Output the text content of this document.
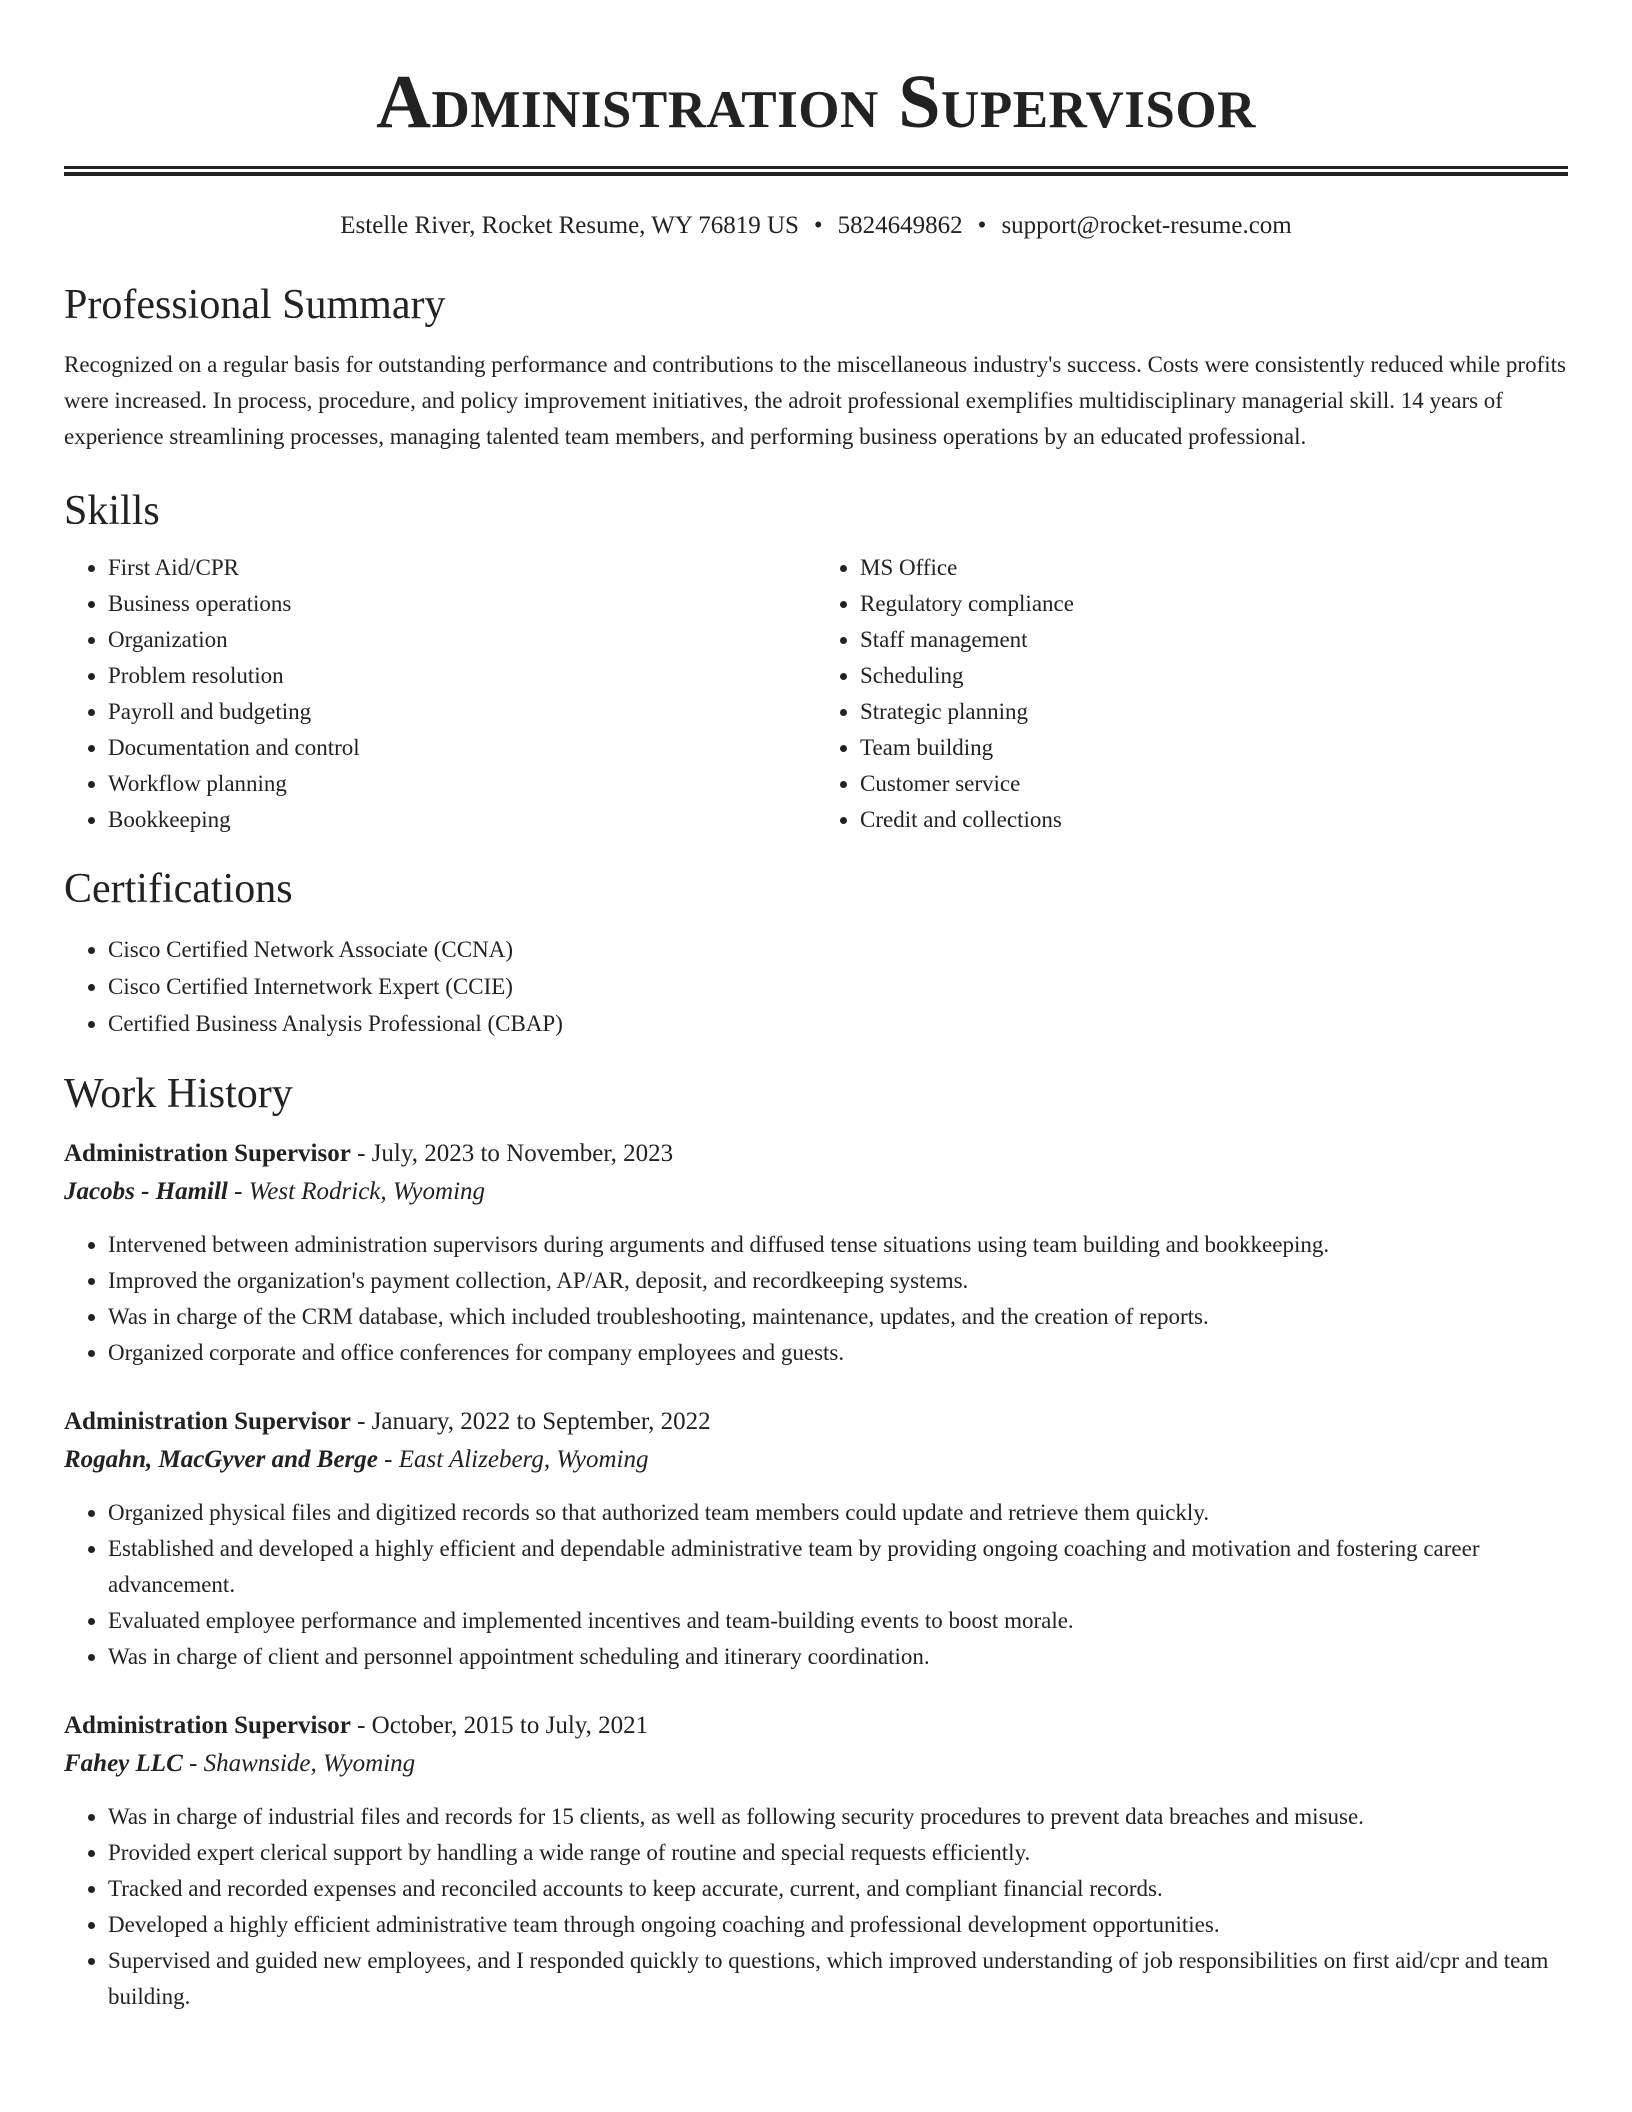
Administration Supervisor
Estelle River, Rocket Resume, WY 76819 US • 5824649862 • support@rocket-resume.com
Professional Summary

Recognized on a regular basis for outstanding performance and contributions to the miscellaneous industry's success. Costs were consistently reduced while profits were increased. In process, procedure, and policy improvement initiatives, the adroit professional exemplifies multidisciplinary managerial skill. 14 years of experience streamlining processes, managing talented team members, and performing business operations by an educated professional.

Skills
• First Aid/CPR
• Business operations
• Organization
• Problem resolution
• Payroll and budgeting
• Documentation and control
• Workflow planning
• Bookkeeping
• MS Office
• Regulatory compliance
• Staff management
• Scheduling
• Strategic planning
• Team building
• Customer service
• Credit and collections
Certifications
• Cisco Certified Network Associate (CCNA)
• Cisco Certified Internetwork Expert (CCIE)
• Certified Business Analysis Professional (CBAP)
Work History
Administration Supervisor - July, 2023 to November, 2023
Jacobs - Hamill - West Rodrick, Wyoming
• Intervened between administration supervisors during arguments and diffused tense situations using team building and bookkeeping.
• Improved the organization's payment collection, AP/AR, deposit, and recordkeeping systems.
• Was in charge of the CRM database, which included troubleshooting, maintenance, updates, and the creation of reports.
• Organized corporate and office conferences for company employees and guests.
Administration Supervisor - January, 2022 to September, 2022
Rogahn, MacGyver and Berge - East Alizeberg, Wyoming
• Organized physical files and digitized records so that authorized team members could update and retrieve them quickly.
• Established and developed a highly efficient and dependable administrative team by providing ongoing coaching and motivation and fostering career advancement.
• Evaluated employee performance and implemented incentives and team-building events to boost morale.
• Was in charge of client and personnel appointment scheduling and itinerary coordination.
Administration Supervisor - October, 2015 to July, 2021
Fahey LLC - Shawnside, Wyoming
• Was in charge of industrial files and records for 15 clients, as well as following security procedures to prevent data breaches and misuse.
• Provided expert clerical support by handling a wide range of routine and special requests efficiently.
• Tracked and recorded expenses and reconciled accounts to keep accurate, current, and compliant financial records.
• Developed a highly efficient administrative team through ongoing coaching and professional development opportunities.
• Supervised and guided new employees, and I responded quickly to questions, which improved understanding of job responsibilities on first aid/cpr and team building.
